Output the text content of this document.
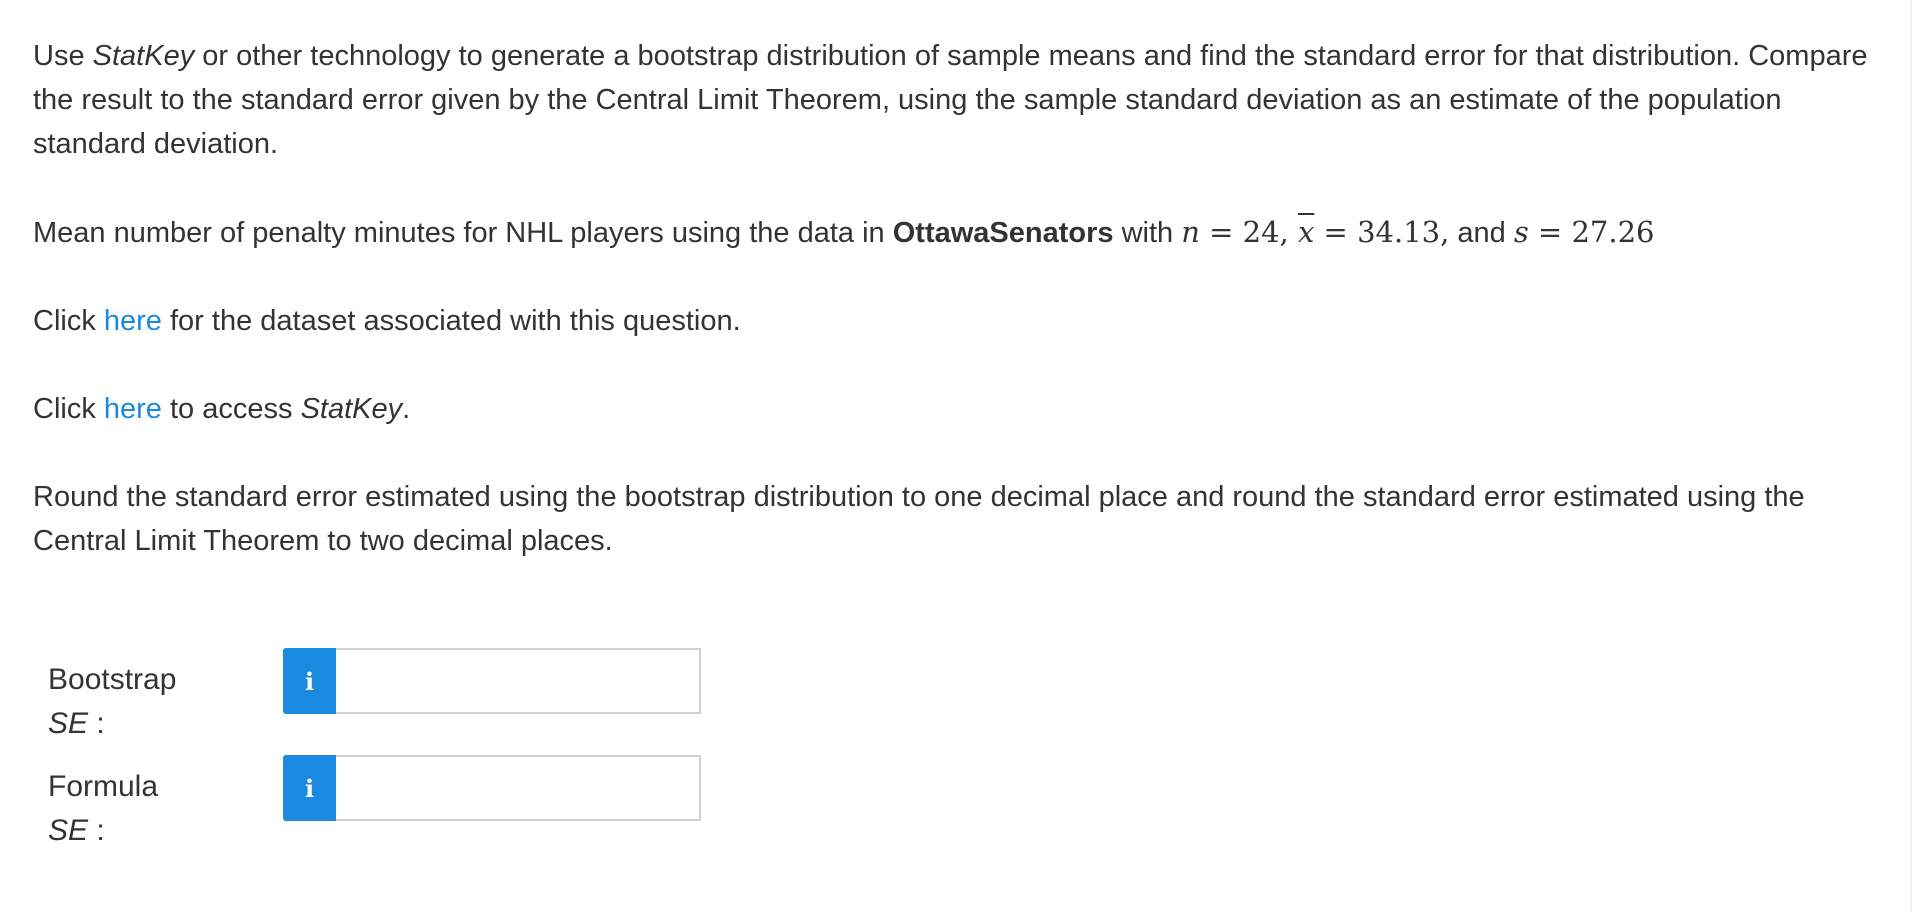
Use StatKey or other technology to generate a bootstrap distribution of sample means and find the standard error for that distribution. Compare the result to the standard error given by the Central Limit Theorem, using the sample standard deviation as an estimate of the population standard deviation.

Mean number of penalty minutes for NHL players using the data in OttawaSenators with n = 24, $\overline{x} = 34.13$, and s = 27.26

Click here for the dataset associated with this question.

Click here to access StatKey.

Round the standard error estimated using the bootstrap distribution to one decimal place and round the standard error estimated using the Central Limit Theorem to two decimal places.

Bootstrap SE :
i
Formula SE :
i
